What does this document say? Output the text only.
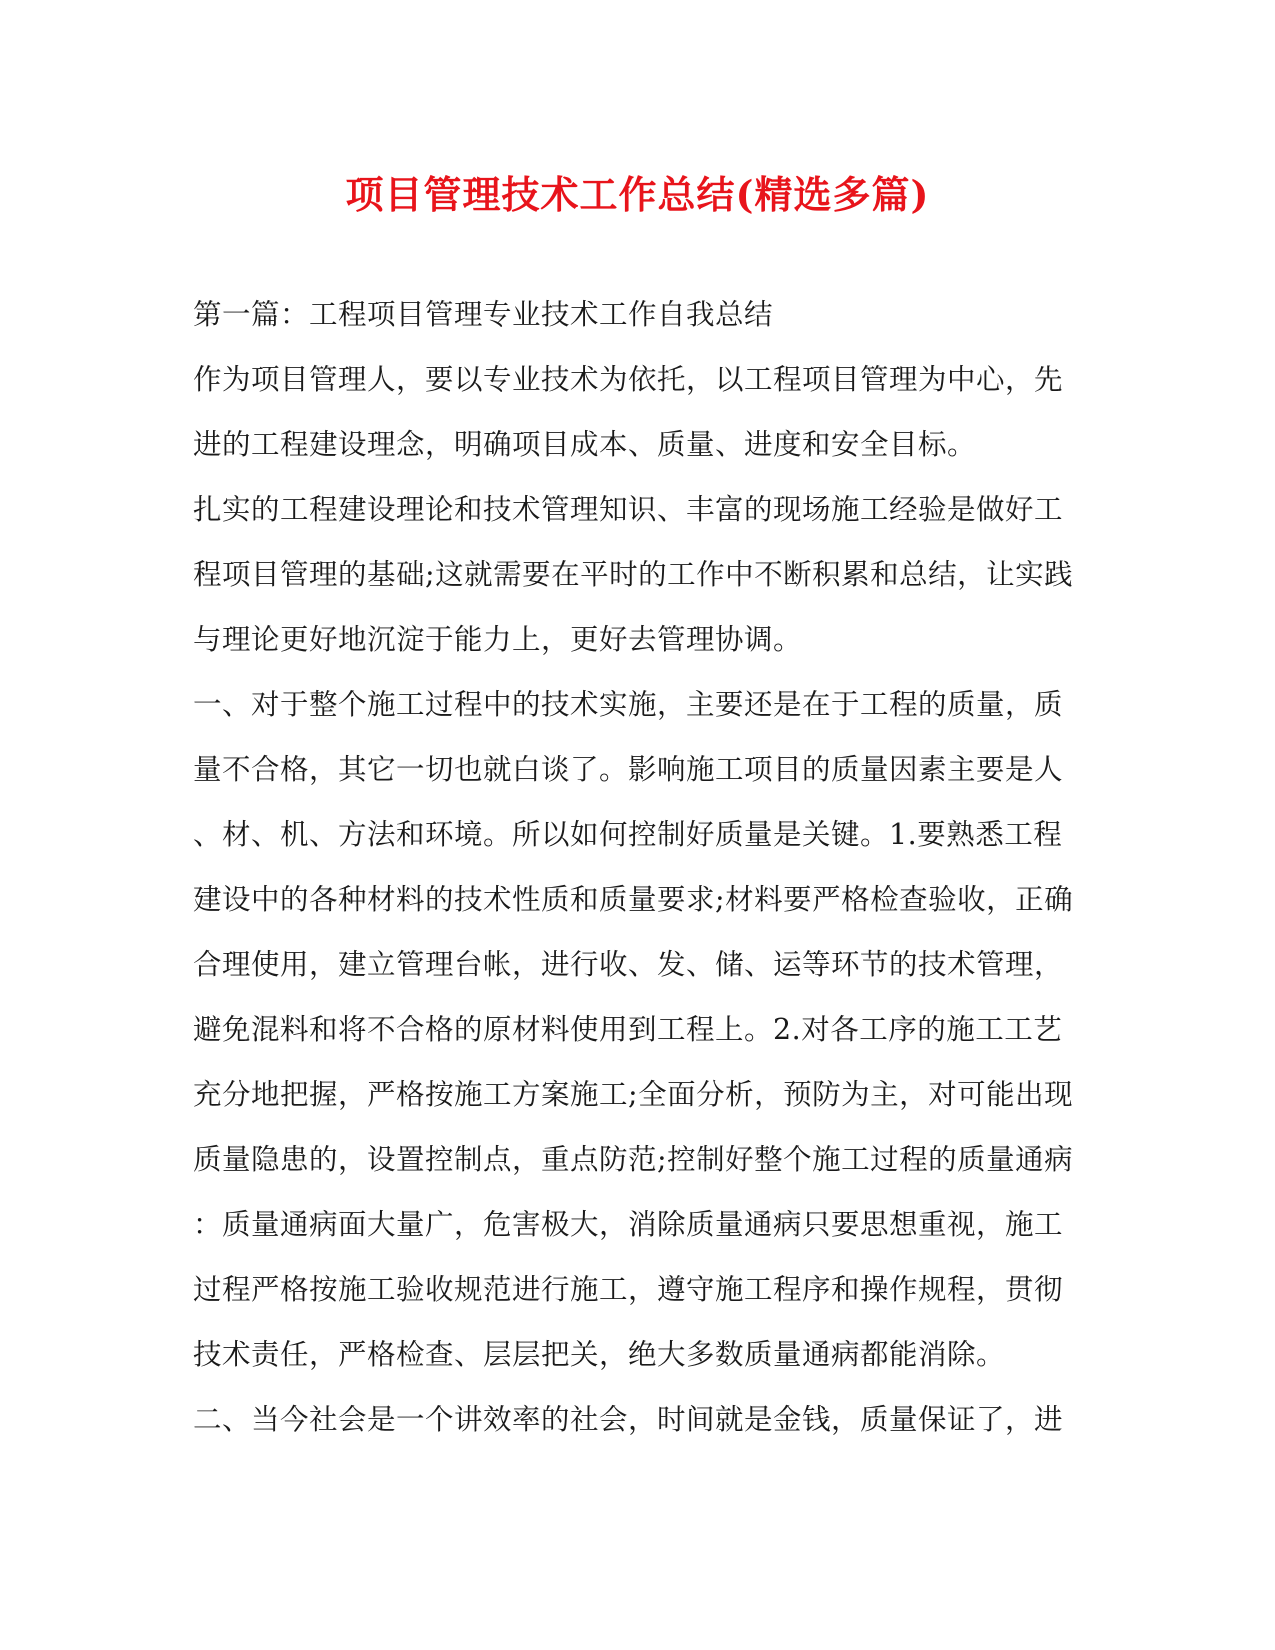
项目管理技术工作总结(精选多篇)
第一篇：工程项目管理专业技术工作自我总结
作为项目管理人，要以专业技术为依托，以工程项目管理为中心，先
进的工程建设理念，明确项目成本、质量、进度和安全目标。
扎实的工程建设理论和技术管理知识、丰富的现场施工经验是做好工
程项目管理的基础;这就需要在平时的工作中不断积累和总结，让实践
与理论更好地沉淀于能力上，更好去管理协调。
一、对于整个施工过程中的技术实施，主要还是在于工程的质量，质
量不合格，其它一切也就白谈了。影响施工项目的质量因素主要是人
、材、机、方法和环境。所以如何控制好质量是关键。1.要熟悉工程
建设中的各种材料的技术性质和质量要求;材料要严格检查验收，正确
合理使用，建立管理台帐，进行收、发、储、运等环节的技术管理，
避免混料和将不合格的原材料使用到工程上。2.对各工序的施工工艺
充分地把握，严格按施工方案施工;全面分析，预防为主，对可能出现
质量隐患的，设置控制点，重点防范;控制好整个施工过程的质量通病
：质量通病面大量广，危害极大，消除质量通病只要思想重视，施工
过程严格按施工验收规范进行施工，遵守施工程序和操作规程，贯彻
技术责任，严格检查、层层把关，绝大多数质量通病都能消除。
二、当今社会是一个讲效率的社会，时间就是金钱，质量保证了，进
